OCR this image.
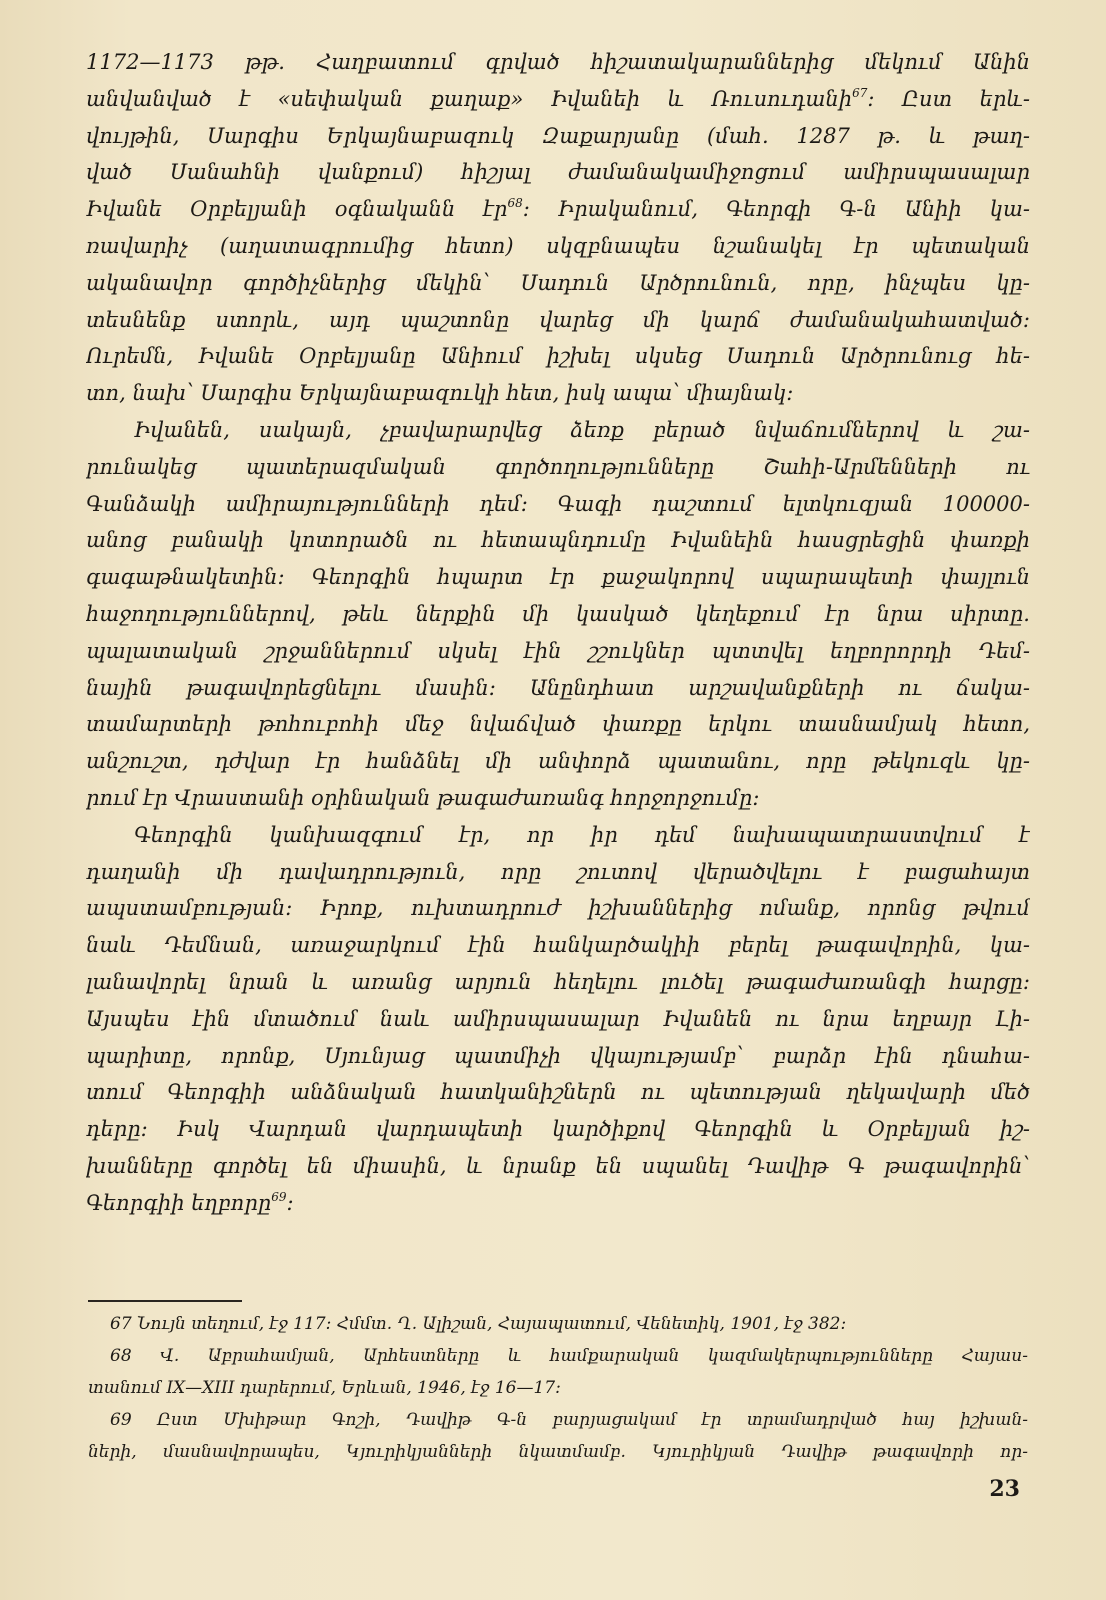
1172—1173 թթ. Հաղբատում գրված հիշատակարաններից մեկում Անին
անվանված է «սեփական քաղաք» Իվանեի և Ռուսուդանի$^{67}$։ Ըստ երև-
վույթին, Սարգիս Երկայնաբազուկ Զաքարյանը (մահ. 1287 թ. և թաղ-
ված Սանահնի վանքում) հիշյալ ժամանակամիջոցում ամիրսպասալար
Իվանե Օրբելյանի օգնականն էր$^{68}$։ Իրականում, Գեորգի Գ-ն Անիի կա-
ռավարիչ (աղատագրումից հետո) սկզբնապես նշանակել էր պետական
ականավոր գործիչներից մեկին՝ Սադուն Արծրունուն, որը, ինչպես կը-
տեսնենք ստորև, այդ պաշտոնը վարեց մի կարճ ժամանակահատված։
Ուրեմն, Իվանե Օրբելյանը Անիում իշխել սկսեց Սադուն Արծրունուց հե-
տո, նախ՝ Սարգիս Երկայնաբազուկի հետ, իսկ ապա՝ միայնակ։
Իվանեն, սակայն, չբավարարվեց ձեռք բերած նվաճումներով և շա-
րունակեց պատերազմական գործողությունները Շահի-Արմենների ու
Գանձակի ամիրայությունների դեմ։ Գագի դաշտում ելտկուզյան 100000-
անոց բանակի կոտորածն ու հետապնդումը Իվանեին հասցրեցին փառքի
գագաթնակետին։ Գեորգին հպարտ էր քաջակորով սպարապետի փայլուն
հաջողություններով, թեև ներքին մի կասկած կեղեքում էր նրա սիրտը.
պալատական շրջաններում սկսել էին շշուկներ պտտվել եղբորորդի Դեմ-
նային թագավորեցնելու մասին։ Անընդհատ արշավանքների ու ճակա-
տամարտերի թոհուբոհի մեջ նվաճված փառքը երկու տասնամյակ հետո,
անշուշտ, դժվար էր հանձնել մի անփորձ պատանու, որը թեկուզև կը-
րում էր Վրաստանի օրինական թագաժառանգ հորջորջումը։
Գեորգին կանխազգում էր, որ իր դեմ նախապատրաստվում է
դաղանի մի դավադրություն, որը շուտով վերածվելու է բացահայտ
ապստամբության։ Իրոք, ուխտադրուժ իշխաններից ոմանք, որոնց թվում
նաև Դեմնան, առաջարկում էին հանկարծակիի բերել թագավորին, կա-
լանավորել նրան և առանց արյուն հեղելու լուծել թագաժառանգի հարցը։
Այսպես էին մտածում նաև ամիրսպասալար Իվանեն ու նրա եղբայր Լի-
պարիտը, որոնք, Սյունյաց պատմիչի վկայությամբ՝ բարձր էին դնահա-
տում Գեորգիի անձնական հատկանիշներն ու պետության ղեկավարի մեծ
դերը։ Իսկ Վարդան վարդապետի կարծիքով Գեորգին և Օրբելյան իշ-
խանները գործել են միասին, և նրանք են սպանել Դավիթ Գ թագավորին՝
Գեորգիի եղբորը$^{69}$։
67 Նույն տեղում, էջ 117։ Հմմտ. Ղ. Ալիշան, Հայապատում, Վենետիկ, 1901, էջ 382։
68 Վ. Աբրահամյան, Արհեստները և համքարական կազմակերպությունները Հայաս-
տանում IX—XIII դարերում, Երևան, 1946, էջ 16—17։
69 Ըստ Մխիթար Գոշի, Դավիթ Գ-ն բարյացակամ էր տրամադրված հայ իշխան-
ների, մասնավորապես, Կյուրիկյանների նկատմամբ. Կյուրիկյան Դավիթ թագավորի որ-
23
